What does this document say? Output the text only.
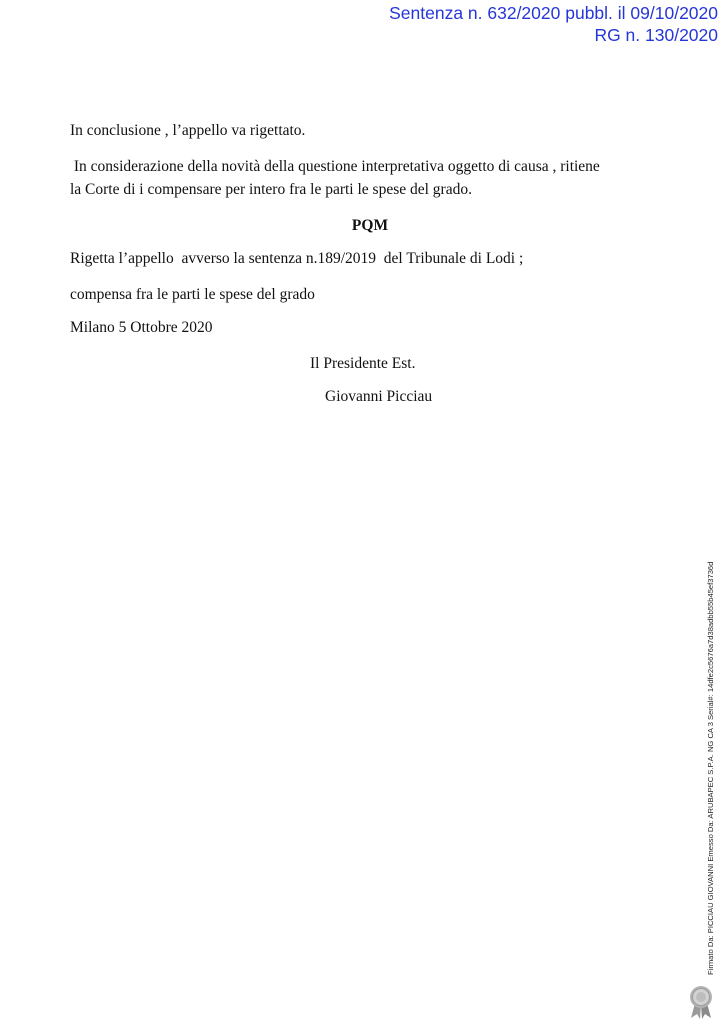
Sentenza n. 632/2020 pubbl. il 09/10/2020
RG n. 130/2020
In conclusione , l’appello va rigettato.
In considerazione della novità della questione interpretativa oggetto di causa , ritiene
la Corte di i compensare per intero fra le parti le spese del grado.
PQM
Rigetta l’appello  avverso la sentenza n.189/2019  del Tribunale di Lodi ;
compensa fra le parti le spese del grado
Milano 5 Ottobre 2020
Il Presidente Est.
Giovanni Picciau
Firmato Da: PICCIAU GIOVANNI Emesso Da: ARUBAPEC S.P.A. NG CA 3 Serial#: 14dfe2c5676a7d38adbb55b45ef3736d
